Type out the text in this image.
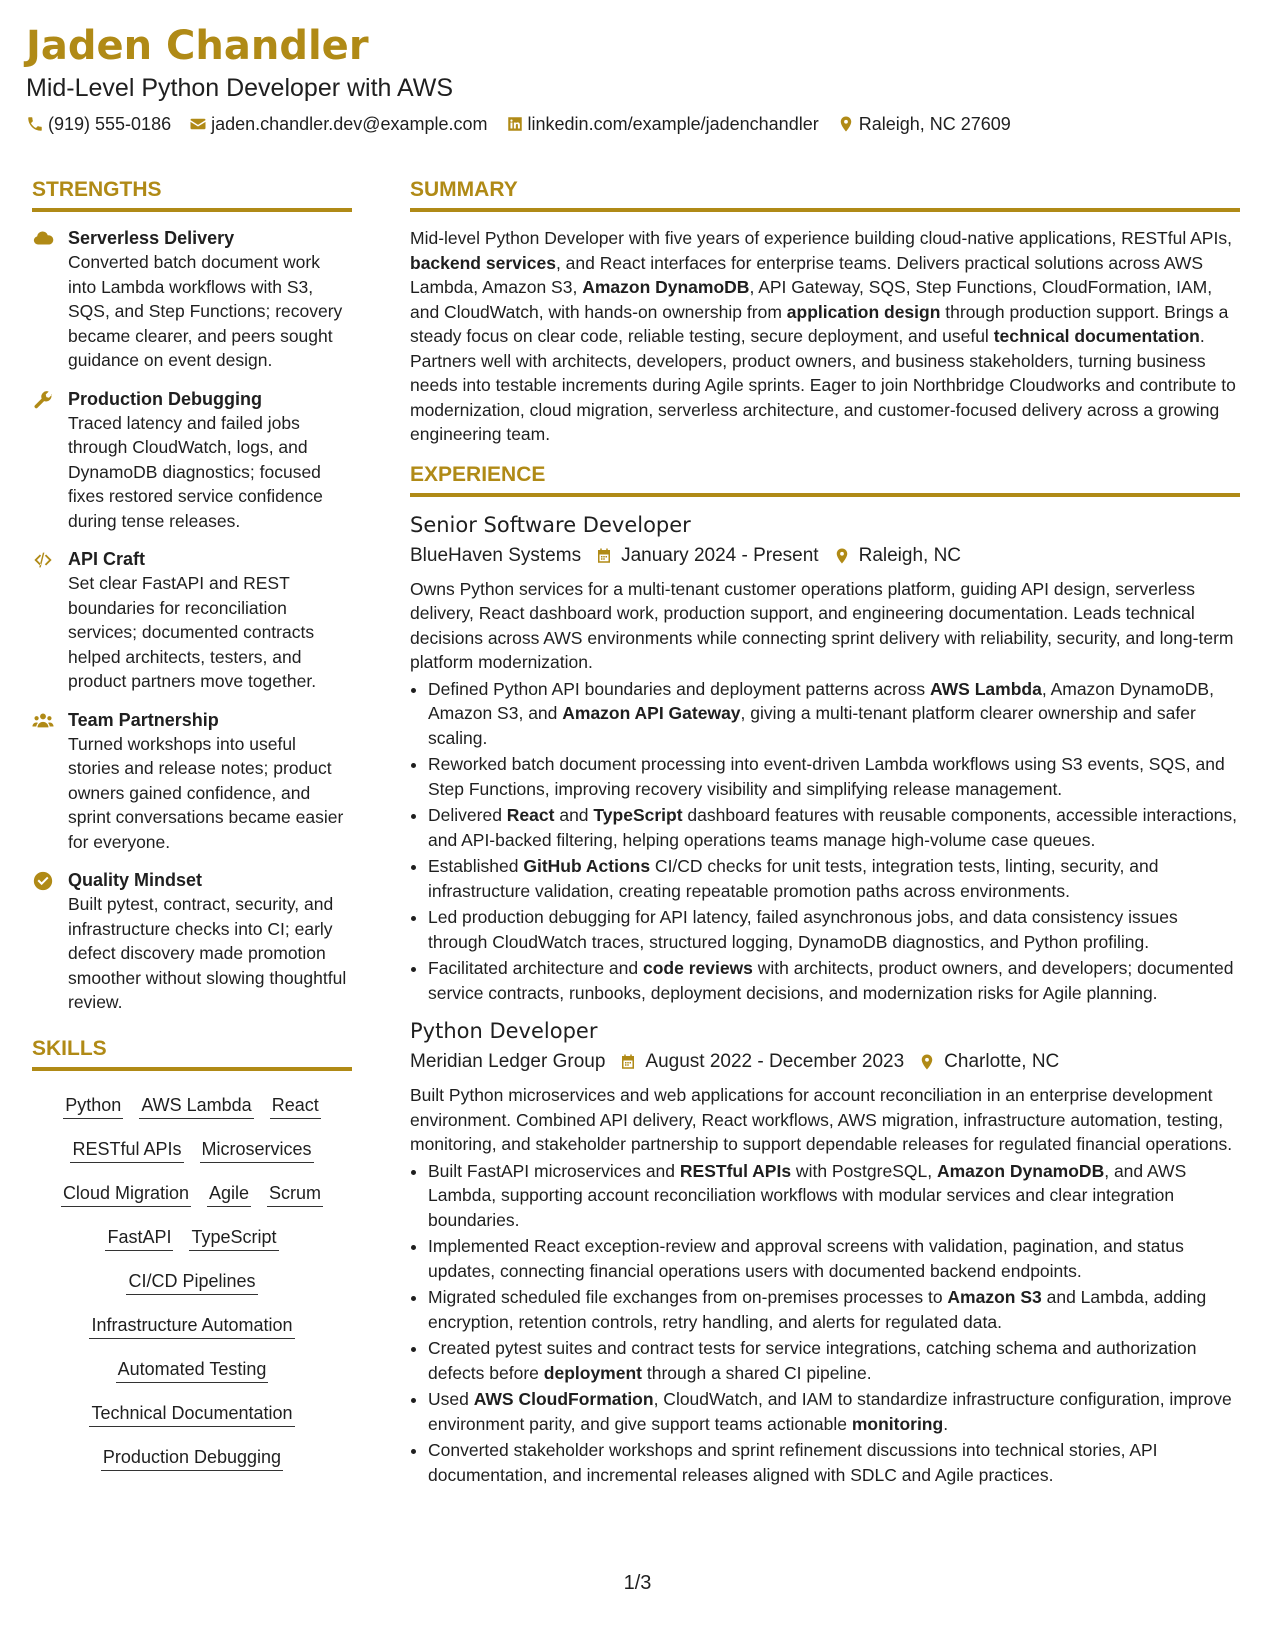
Jaden Chandler
Mid-Level Python Developer with AWS
(919) 555-0186 jaden.chandler.dev@example.com linkedin.com/example/jadenchandler Raleigh, NC 27609
STRENGTHS
Serverless Delivery
Converted batch document work into Lambda workflows with S3, SQS, and Step Functions; recovery became clearer, and peers sought guidance on event design.
Production Debugging
Traced latency and failed jobs through CloudWatch, logs, and DynamoDB diagnostics; focused fixes restored service confidence during tense releases.
API Craft
Set clear FastAPI and REST boundaries for reconciliation services; documented contracts helped architects, testers, and product partners move together.
Team Partnership
Turned workshops into useful stories and release notes; product owners gained confidence, and sprint conversations became easier for everyone.
Quality Mindset
Built pytest, contract, security, and infrastructure checks into CI; early defect discovery made promotion smoother without slowing thoughtful review.
SKILLS
Python AWS Lambda React
RESTful APIs Microservices
Cloud Migration Agile Scrum
FastAPI TypeScript
CI/CD Pipelines
Infrastructure Automation
Automated Testing
Technical Documentation
Production Debugging
SUMMARY

Mid-level Python Developer with five years of experience building cloud-native applications, RESTful APIs, backend services, and React interfaces for enterprise teams. Delivers practical solutions across AWS Lambda, Amazon S3, Amazon DynamoDB, API Gateway, SQS, Step Functions, CloudFormation, IAM, and CloudWatch, with hands-on ownership from application design through production support. Brings a steady focus on clear code, reliable testing, secure deployment, and useful technical documentation. Partners well with architects, developers, product owners, and business stakeholders, turning business needs into testable increments during Agile sprints. Eager to join Northbridge Cloudworks and contribute to modernization, cloud migration, serverless architecture, and customer-focused delivery across a growing engineering team.

EXPERIENCE
Senior Software Developer
BlueHaven Systems January 2024 - Present Raleigh, NC

Owns Python services for a multi-tenant customer operations platform, guiding API design, serverless delivery, React dashboard work, production support, and engineering documentation. Leads technical decisions across AWS environments while connecting sprint delivery with reliability, security, and long-term platform modernization.

• Defined Python API boundaries and deployment patterns across AWS Lambda, Amazon DynamoDB, Amazon S3, and Amazon API Gateway, giving a multi-tenant platform clearer ownership and safer scaling.
• Reworked batch document processing into event-driven Lambda workflows using S3 events, SQS, and Step Functions, improving recovery visibility and simplifying release management.
• Delivered React and TypeScript dashboard features with reusable components, accessible interactions, and API-backed filtering, helping operations teams manage high-volume case queues.
• Established GitHub Actions CI/CD checks for unit tests, integration tests, linting, security, and infrastructure validation, creating repeatable promotion paths across environments.
• Led production debugging for API latency, failed asynchronous jobs, and data consistency issues through CloudWatch traces, structured logging, DynamoDB diagnostics, and Python profiling.
• Facilitated architecture and code reviews with architects, product owners, and developers; documented service contracts, runbooks, deployment decisions, and modernization risks for Agile planning.
Python Developer
Meridian Ledger Group August 2022 - December 2023 Charlotte, NC

Built Python microservices and web applications for account reconciliation in an enterprise development environment. Combined API delivery, React workflows, AWS migration, infrastructure automation, testing, monitoring, and stakeholder partnership to support dependable releases for regulated financial operations.

• Built FastAPI microservices and RESTful APIs with PostgreSQL, Amazon DynamoDB, and AWS Lambda, supporting account reconciliation workflows with modular services and clear integration boundaries.
• Implemented React exception-review and approval screens with validation, pagination, and status updates, connecting financial operations users with documented backend endpoints.
• Migrated scheduled file exchanges from on-premises processes to Amazon S3 and Lambda, adding encryption, retention controls, retry handling, and alerts for regulated data.
• Created pytest suites and contract tests for service integrations, catching schema and authorization defects before deployment through a shared CI pipeline.
• Used AWS CloudFormation, CloudWatch, and IAM to standardize infrastructure configuration, improve environment parity, and give support teams actionable monitoring.
• Converted stakeholder workshops and sprint refinement discussions into technical stories, API documentation, and incremental releases aligned with SDLC and Agile practices.
1/3
